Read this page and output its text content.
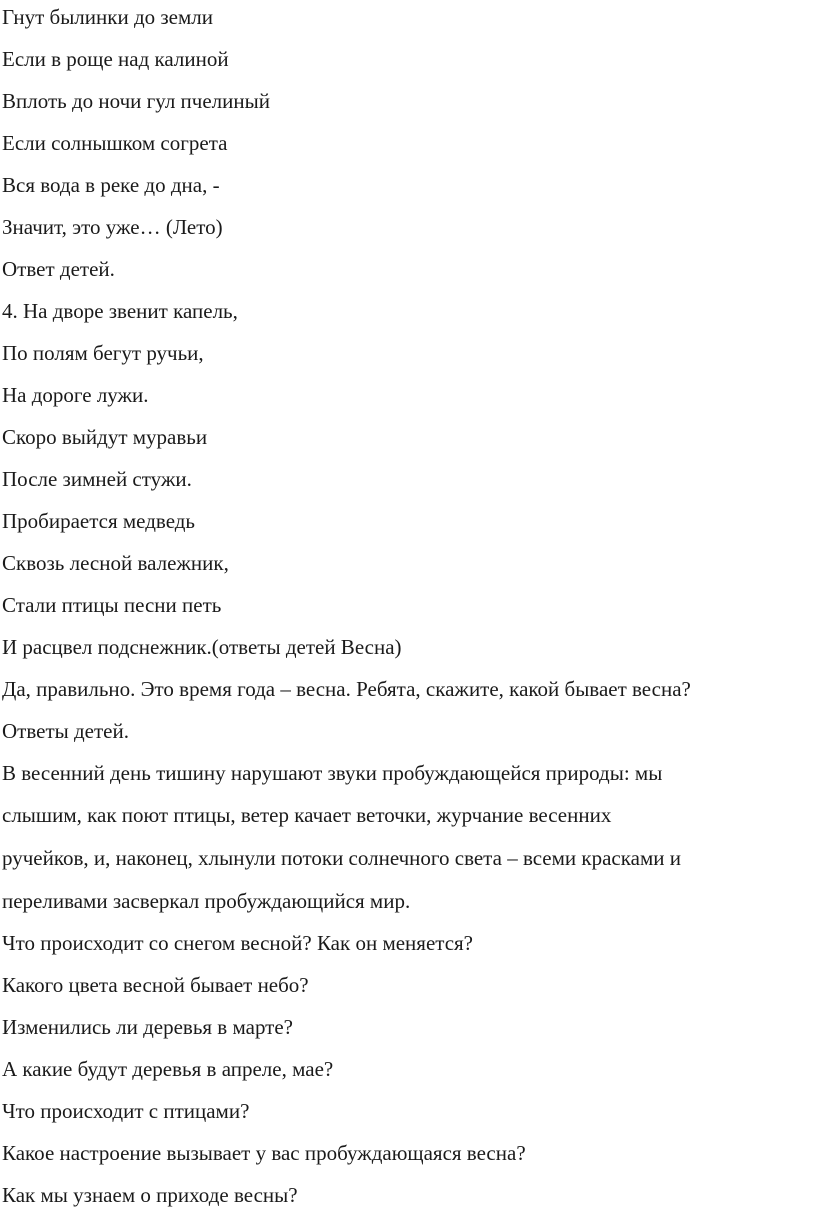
Гнут былинки до земли
Если в роще над калиной
Вплоть до ночи гул пчелиный
Если солнышком согрета
Вся вода в реке до дна, -
Значит, это уже… (Лето)
Ответ детей.
4. На дворе звенит капель,
По полям бегут ручьи,
На дороге лужи.
Скоро выйдут муравьи
После зимней стужи.
Пробирается медведь
Сквозь лесной валежник,
Стали птицы песни петь
И расцвел подснежник.(ответы детей Весна)
Да, правильно. Это время года – весна. Ребята, скажите, какой бывает весна?
Ответы детей.
В весенний день тишину нарушают звуки пробуждающейся природы: мы
слышим, как поют птицы, ветер качает веточки, журчание весенних
ручейков, и, наконец, хлынули потоки солнечного света – всеми красками и
переливами засверкал пробуждающийся мир.
Что происходит со снегом весной? Как он меняется?
Какого цвета весной бывает небо?
Изменились ли деревья в марте?
А какие будут деревья в апреле, мае?
Что происходит с птицами?
Какое настроение вызывает у вас пробуждающаяся весна?
Как мы узнаем о приходе весны?
